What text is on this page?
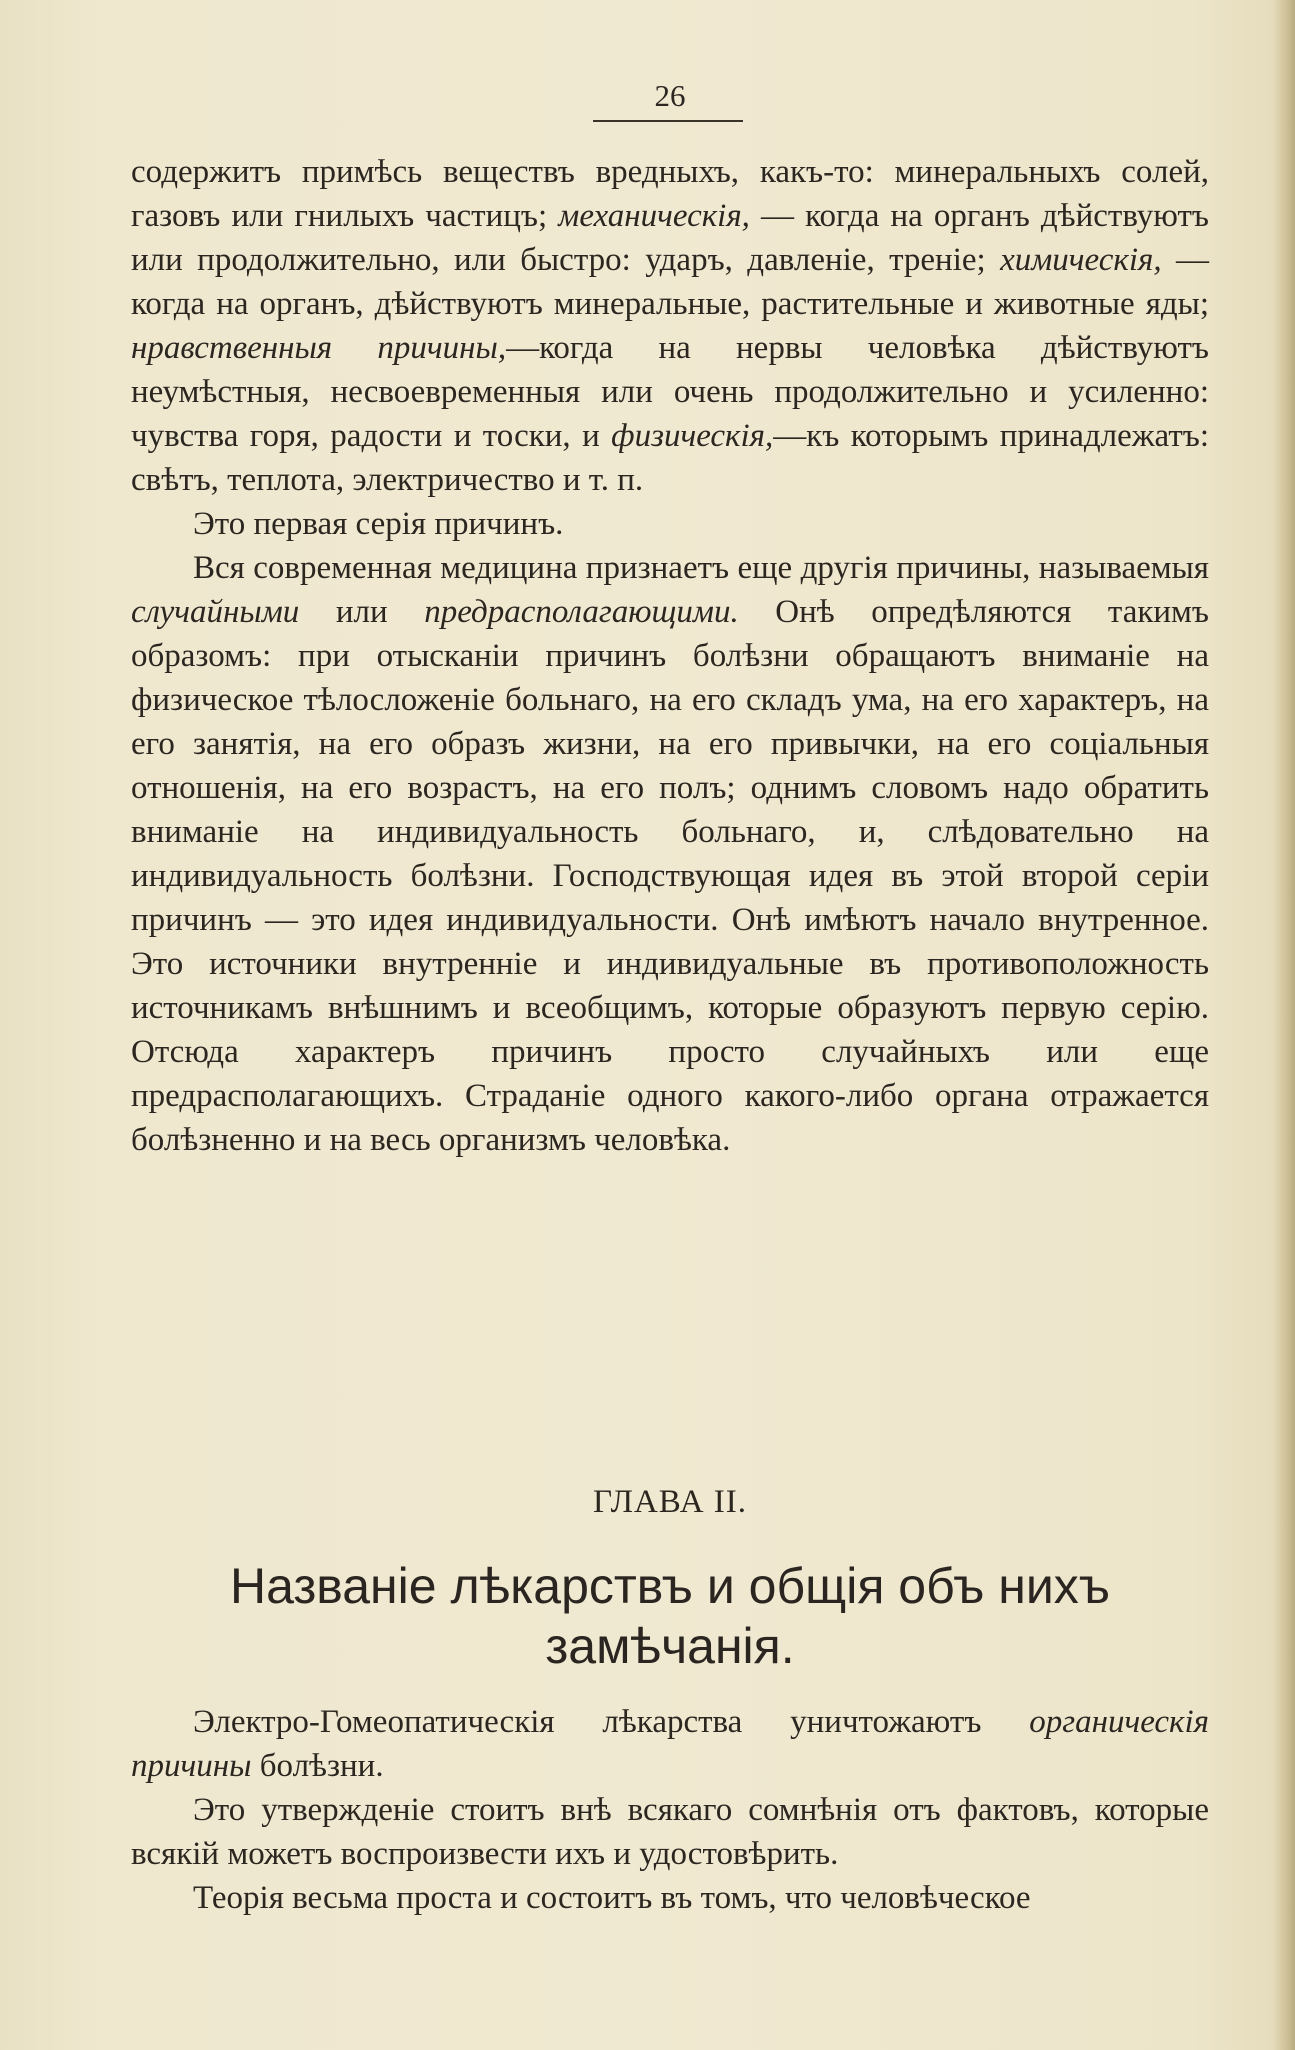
26

содержитъ примѣсь веществъ вредныхъ, какъ-то: минеральныхъ солей, газовъ или гнилыхъ частицъ; механическія, — когда на органъ дѣйствуютъ или продолжительно, или быстро: ударъ, давленіе, треніе; химическія, — когда на органъ, дѣйствуютъ минеральные, растительные и животные яды; нравственныя причины,—когда на нервы человѣка дѣйствуютъ неумѣстныя, несвоевременныя или очень продолжительно и усиленно: чувства горя, радости и тоски, и физическія,—къ которымъ принадлежатъ: свѣтъ, теплота, электричество и т. п.

Это первая серія причинъ.

Вся современная медицина признаетъ еще другія причины, называемыя случайными или предрасполагающими. Онѣ опредѣляются такимъ образомъ: при отысканіи причинъ болѣзни обращаютъ вниманіе на физическое тѣлосложеніе больнаго, на его складъ ума, на его характеръ, на его занятія, на его образъ жизни, на его привычки, на его соціальныя отношенія, на его возрастъ, на его полъ; однимъ словомъ надо обратить вниманіе на индивидуальность больнаго, и, слѣдовательно на индивидуальность болѣзни. Господствующая идея въ этой второй серіи причинъ — это идея индивидуальности. Онѣ имѣютъ начало внутренное. Это источники внутренніе и индивидуальные въ противоположность источникамъ внѣшнимъ и всеобщимъ, которые образуютъ первую серію. Отсюда характеръ причинъ просто случайныхъ или еще предрасполагающихъ. Страданіе одного какого-либо органа отражается болѣзненно и на весь организмъ человѣка.

ГЛАВА II.
Названіе лѣкарствъ и общія объ нихъ замѣчанія.

Электро-Гомеопатическія лѣкарства уничтожаютъ органическія причины болѣзни.

Это утвержденіе стоитъ внѣ всякаго сомнѣнія отъ фактовъ, которые всякій можетъ воспроизвести ихъ и удостовѣрить.

Теорія весьма проста и состоитъ въ томъ, что человѣческое
